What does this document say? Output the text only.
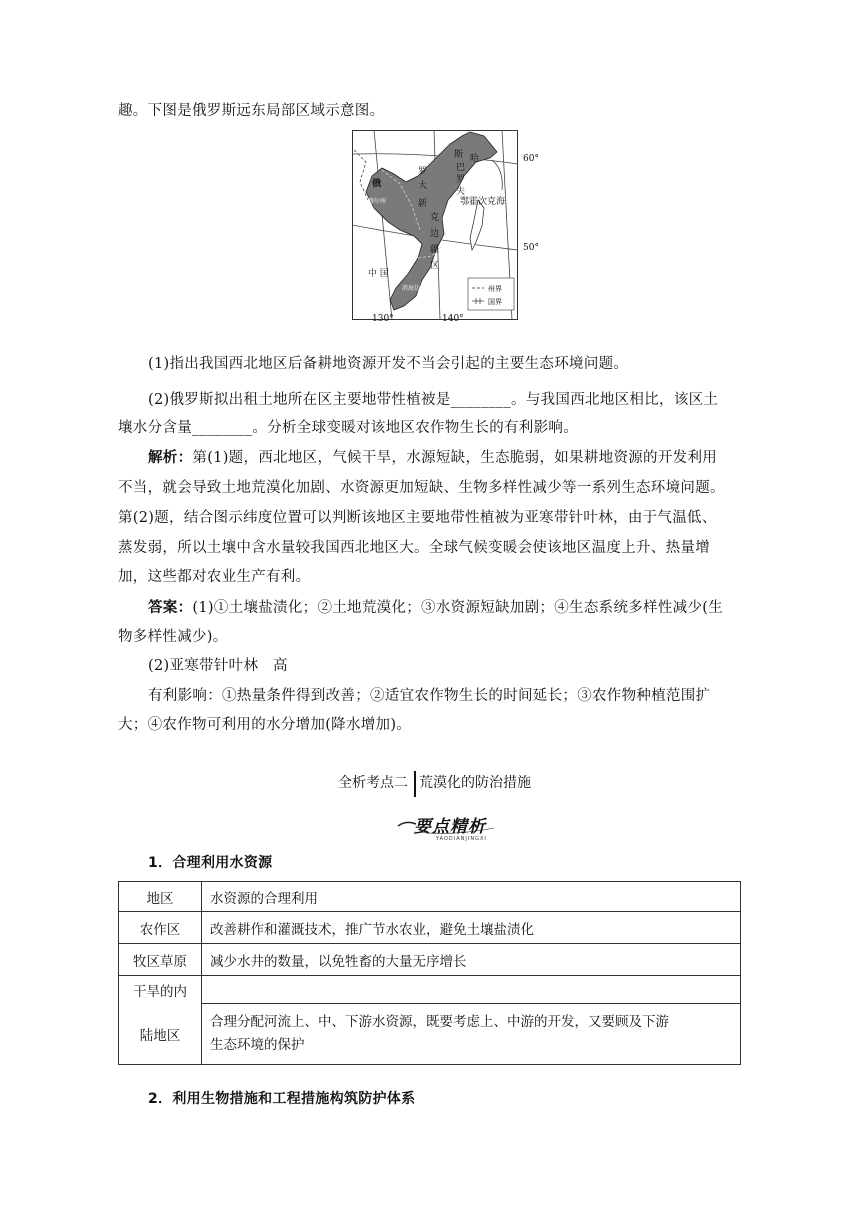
趣。下图是俄罗斯远东局部区域示意图。
州界
国界
俄
阿穆尔州	鄂霍次克海
中 国
滨海边疆区
斯 哈
巴
罗
罗
大
夫
新
克
边
疆
区
60°
50°
130°	140°
(1)指出我国西北地区后备耕地资源开发不当会引起的主要生态环境问题。
(2)俄罗斯拟出租土地所在区主要地带性植被是________。与我国西北地区相比，该区土
壤水分含量________。分析全球变暖对该地区农作物生长的有利影响。
解析：第(1)题，西北地区，气候干旱，水源短缺，生态脆弱，如果耕地资源的开发利用
不当，就会导致土地荒漠化加剧、水资源更加短缺、生物多样性减少等一系列生态环境问题。
第(2)题，结合图示纬度位置可以判断该地区主要地带性植被为亚寒带针叶林，由于气温低、
蒸发弱，所以土壤中含水量较我国西北地区大。全球气候变暖会使该地区温度上升、热量增
加，这些都对农业生产有利。
答案：(1)①土壤盐渍化；②土地荒漠化；③水资源短缺加剧；④生态系统多样性减少(生
物多样性减少)。
(2)亚寒带针叶林　高
有利影响：①热量条件得到改善；②适宜农作物生长的时间延长；③农作物种植范围扩
大；④农作物可利用的水分增加(降水增加)。
全析考点二 荒漠化的防治措施
要点精析
YAODIANJINGXI
1．合理利用水资源
地区	水资源的合理利用
农作区	改善耕作和灌溉技术，推广节水农业，避免土壤盐渍化
牧区草原	减少水井的数量，以免牲畜的大量无序增长
干旱的内	
陆地区	合理分配河流上、中、下游水资源，既要考虑上、中游的开发，又要顾及下游
生态环境的保护
2．利用生物措施和工程措施构筑防护体系
